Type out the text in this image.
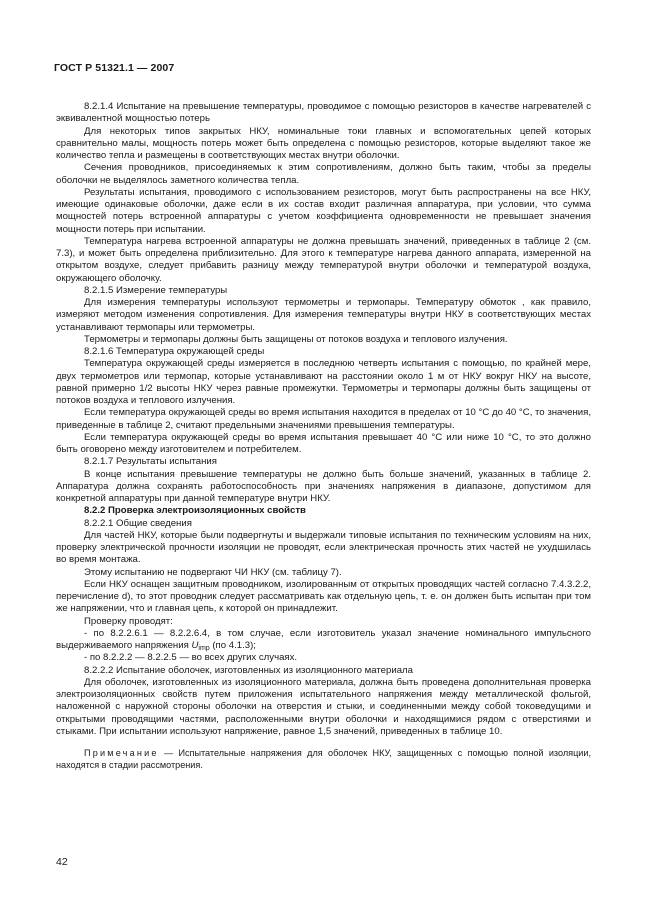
ГОСТ Р 51321.1 — 2007

8.2.1.4 Испытание на превышение температуры, проводимое с помощью резисторов в качестве нагревателей с эквивалентной мощностью потерь

Для некоторых типов закрытых НКУ, номинальные токи главных и вспомогательных цепей которых сравнительно малы, мощность потерь может быть определена с помощью резисторов, которые выделяют такое же количество тепла и размещены в соответствующих местах внутри оболочки.

Сечения проводников, присоединяемых к этим сопротивлениям, должно быть таким, чтобы за пределы оболочки не выделялось заметного количества тепла.

Результаты испытания, проводимого с использованием резисторов, могут быть распространены на все НКУ, имеющие одинаковые оболочки, даже если в их состав входит различная аппаратура, при условии, что сумма мощностей потерь встроенной аппаратуры с учетом коэффициента одновременности не превышает значения мощности потерь при испытании.

Температура нагрева встроенной аппаратуры не должна превышать значений, приведенных в таблице 2 (см. 7.3), и может быть определена приблизительно. Для этого к температуре нагрева данного аппарата, измеренной на открытом воздухе, следует прибавить разницу между температурой внутри оболочки и температурой воздуха, окружающего оболочку.

8.2.1.5 Измерение температуры

Для измерения температуры используют термометры и термопары. Температуру обмоток , как правило, измеряют методом изменения сопротивления. Для измерения температуры внутри НКУ в соответствующих местах устанавливают термопары или термометры.

Термометры и термопары должны быть защищены от потоков воздуха и теплового излучения.

8.2.1.6 Температура окружающей среды

Температура окружающей среды измеряется в последнюю четверть испытания с помощью, по крайней мере, двух термометров или термопар, которые устанавливают на расстоянии около 1 м от НКУ вокруг НКУ на высоте, равной примерно 1/2 высоты НКУ через равные промежутки. Термометры и термопары должны быть защищены от потоков воздуха и теплового излучения.

Если температура окружающей среды во время испытания находится в пределах от 10 °С до 40 °С, то значения, приведенные в таблице 2, считают предельными значениями превышения температуры.

Если температура окружающей среды во время испытания превышает 40 °С или ниже 10 °С, то это должно быть оговорено между изготовителем и потребителем.

8.2.1.7 Результаты испытания

В конце испытания превышение температуры не должно быть больше значений, указанных в таблице 2. Аппаратура должна сохранять работоспособность при значениях напряжения в диапазоне, допустимом для конкретной аппаратуры при данной температуре внутри НКУ.

8.2.2 Проверка электроизоляционных свойств

8.2.2.1 Общие сведения

Для частей НКУ, которые были подвергнуты и выдержали типовые испытания по техническим условиям на них, проверку электрической прочности изоляции не проводят, если электрическая прочность этих частей не ухудшилась во время монтажа.

Этому испытанию не подвергают ЧИ НКУ (см. таблицу 7).

Если НКУ оснащен защитным проводником, изолированным от открытых проводящих частей согласно 7.4.3.2.2, перечисление d), то этот проводник следует рассматривать как отдельную цепь, т. е. он должен быть испытан при том же напряжении, что и главная цепь, к которой он принадлежит.

Проверку проводят:

- по 8.2.2.6.1 — 8.2.2.6.4, в том случае, если изготовитель указал значение номинального импульсного выдерживаемого напряжения $U_{imp}$ (по 4.1.3);

- по 8.2.2.2 — 8.2.2.5 — во всех других случаях.

8.2.2.2 Испытание оболочек, изготовленных из изоляционного материала

Для оболочек, изготовленных из изоляционного материала, должна быть проведена дополнительная проверка электроизоляционных свойств путем приложения испытательного напряжения между металлической фольгой, наложенной с наружной стороны оболочки на отверстия и стыки, и соединенными между собой токоведущими и открытыми проводящими частями, расположенными внутри оболочки и находящимися рядом с отверстиями и стыками. При испытании используют напряжение, равное 1,5 значений, приведенных в таблице 10.

Примечание — Испытательные напряжения для оболочек НКУ, защищенных с помощью полной изоляции, находятся в стадии рассмотрения.

42
